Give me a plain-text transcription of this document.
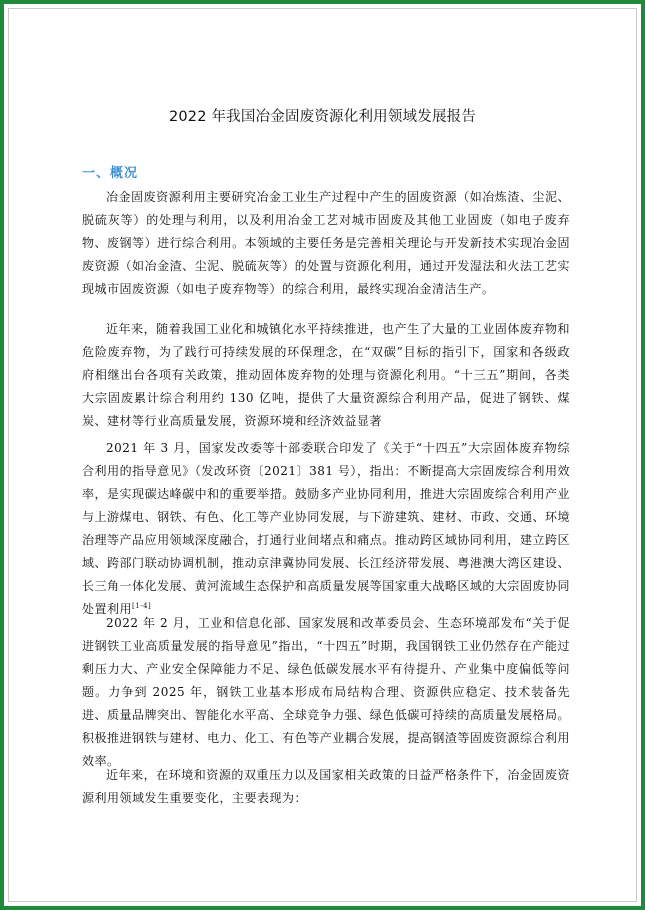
2022 年我国冶金固废资源化利用领域发展报告
一、概况

冶金固废资源利用主要研究冶金工业生产过程中产生的固废资源（如冶炼渣、尘泥、脱硫灰等）的处理与利用，以及利用冶金工艺对城市固废及其他工业固废（如电子废弃物、废钢等）进行综合利用。本领域的主要任务是完善相关理论与开发新技术实现冶金固废资源（如冶金渣、尘泥、脱硫灰等）的处置与资源化利用，通过开发湿法和火法工艺实现城市固废资源（如电子废弃物等）的综合利用，最终实现冶金清洁生产。

近年来，随着我国工业化和城镇化水平持续推进，也产生了大量的工业固体废弃物和危险废弃物，为了践行可持续发展的环保理念，在“双碳”目标的指引下，国家和各级政府相继出台各项有关政策，推动固体废弃物的处理与资源化利用。“十三五”期间，各类大宗固废累计综合利用约 130 亿吨，提供了大量资源综合利用产品，促进了钢铁、煤炭、建材等行业高质量发展，资源环境和经济效益显著

2021 年 3 月，国家发改委等十部委联合印发了《关于“十四五”大宗固体废弃物综合利用的指导意见》（发改环资〔2021〕381 号），指出：不断提高大宗固废综合利用效率，是实现碳达峰碳中和的重要举措。鼓励多产业协同利用，推进大宗固废综合利用产业与上游煤电、钢铁、有色、化工等产业协同发展，与下游建筑、建材、市政、交通、环境治理等产品应用领域深度融合，打通行业间堵点和痛点。推动跨区域协同利用，建立跨区域、跨部门联动协调机制，推动京津冀协同发展、长江经济带发展、粤港澳大湾区建设、长三角一体化发展、黄河流域生态保护和高质量发展等国家重大战略区域的大宗固废协同处置利用[1-4]

2022 年 2 月，工业和信息化部、国家发展和改革委员会、生态环境部发布“关于促进钢铁工业高质量发展的指导意见”指出，“十四五”时期，我国钢铁工业仍然存在产能过剩压力大、产业安全保障能力不足、绿色低碳发展水平有待提升、产业集中度偏低等问题。力争到 2025 年，钢铁工业基本形成布局结构合理、资源供应稳定、技术装备先进、质量品牌突出、智能化水平高、全球竞争力强、绿色低碳可持续的高质量发展格局。积极推进钢铁与建材、电力、化工、有色等产业耦合发展，提高钢渣等固废资源综合利用效率。

近年来，在环境和资源的双重压力以及国家相关政策的日益严格条件下，冶金固废资源利用领域发生重要变化，主要表现为：
